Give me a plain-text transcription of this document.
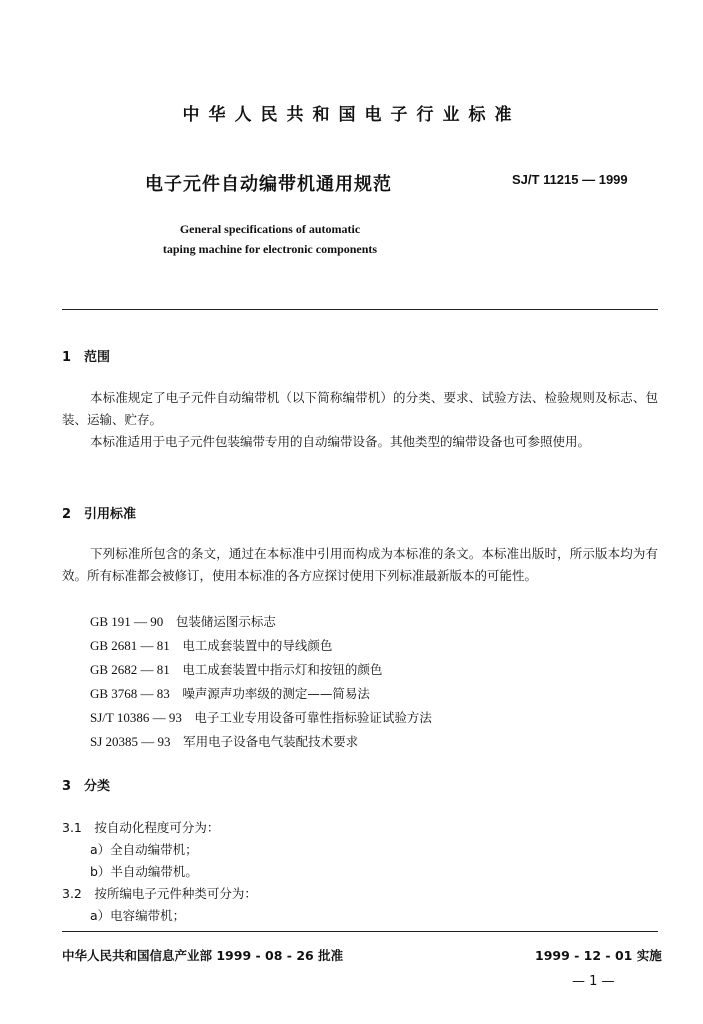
中华人民共和国电子行业标准
电子元件自动编带机通用规范	SJ/T 11215 — 1999
General specifications of automatic
taping machine for electronic components
1　范围

本标准规定了电子元件自动编带机（以下简称编带机）的分类、要求、试验方法、检验规则及标志、包装、运输、贮存。

本标准适用于电子元件包装编带专用的自动编带设备。其他类型的编带设备也可参照使用。

2　引用标准

下列标准所包含的条文，通过在本标准中引用而构成为本标准的条文。本标准出版时，所示版本均为有效。所有标准都会被修订，使用本标准的各方应探讨使用下列标准最新版本的可能性。

GB 191 — 90　 包装储运图示标志
GB 2681 — 81　 电工成套装置中的导线颜色
GB 2682 — 81　 电工成套装置中指示灯和按钮的颜色
GB 3768 — 83　 噪声源声功率级的测定——简易法
SJ/T 10386 — 93　 电子工业专用设备可靠性指标验证试验方法
SJ 20385 — 93　 军用电子设备电气装配技术要求
3　分类
3.1　按自动化程度可分为：
a）全自动编带机；
b）半自动编带机。
3.2　按所编电子元件种类可分为：
a）电容编带机；
中华人民共和国信息产业部 1999 - 08 - 26 批准	1999 - 12 - 01 实施
— 1 —
